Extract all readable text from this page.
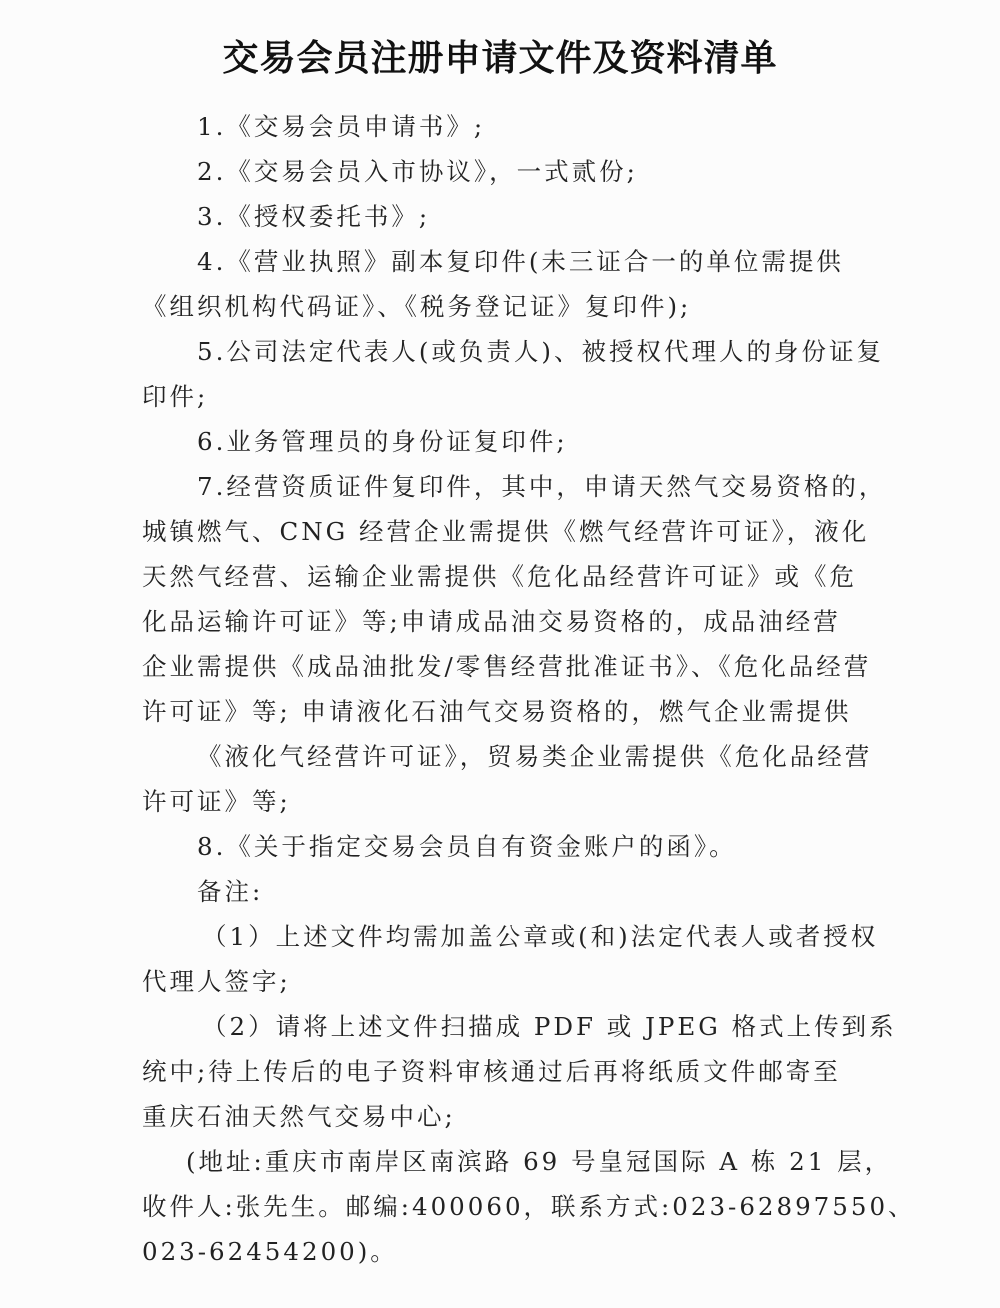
交易会员注册申请文件及资料清单
1.《交易会员申请书》;
2.《交易会员入市协议》，一式贰份;
3.《授权委托书》;
4.《营业执照》副本复印件(未三证合一的单位需提供
《组织机构代码证》、《税务登记证》复印件);
5.公司法定代表人(或负责人)、被授权代理人的身份证复
印件;
6.业务管理员的身份证复印件;
7.经营资质证件复印件，其中，申请天然气交易资格的，
城镇燃气、CNG 经营企业需提供《燃气经营许可证》，液化
天然气经营、运输企业需提供《危化品经营许可证》或《危
化品运输许可证》等;申请成品油交易资格的，成品油经营
企业需提供《成品油批发/零售经营批准证书》、《危化品经营
许可证》等; 申请液化石油气交易资格的，燃气企业需提供
《液化气经营许可证》，贸易类企业需提供《危化品经营
许可证》等;
8.《关于指定交易会员自有资金账户的函》。
备注:
（1）上述文件均需加盖公章或(和)法定代表人或者授权
代理人签字;
（2）请将上述文件扫描成 PDF 或 JPEG 格式上传到系
统中;待上传后的电子资料审核通过后再将纸质文件邮寄至
重庆石油天然气交易中心;
(地址:重庆市南岸区南滨路 69 号皇冠国际 A 栋 21 层，
收件人:张先生。邮编:400060，联系方式:023-62897550、
023-62454200)。
